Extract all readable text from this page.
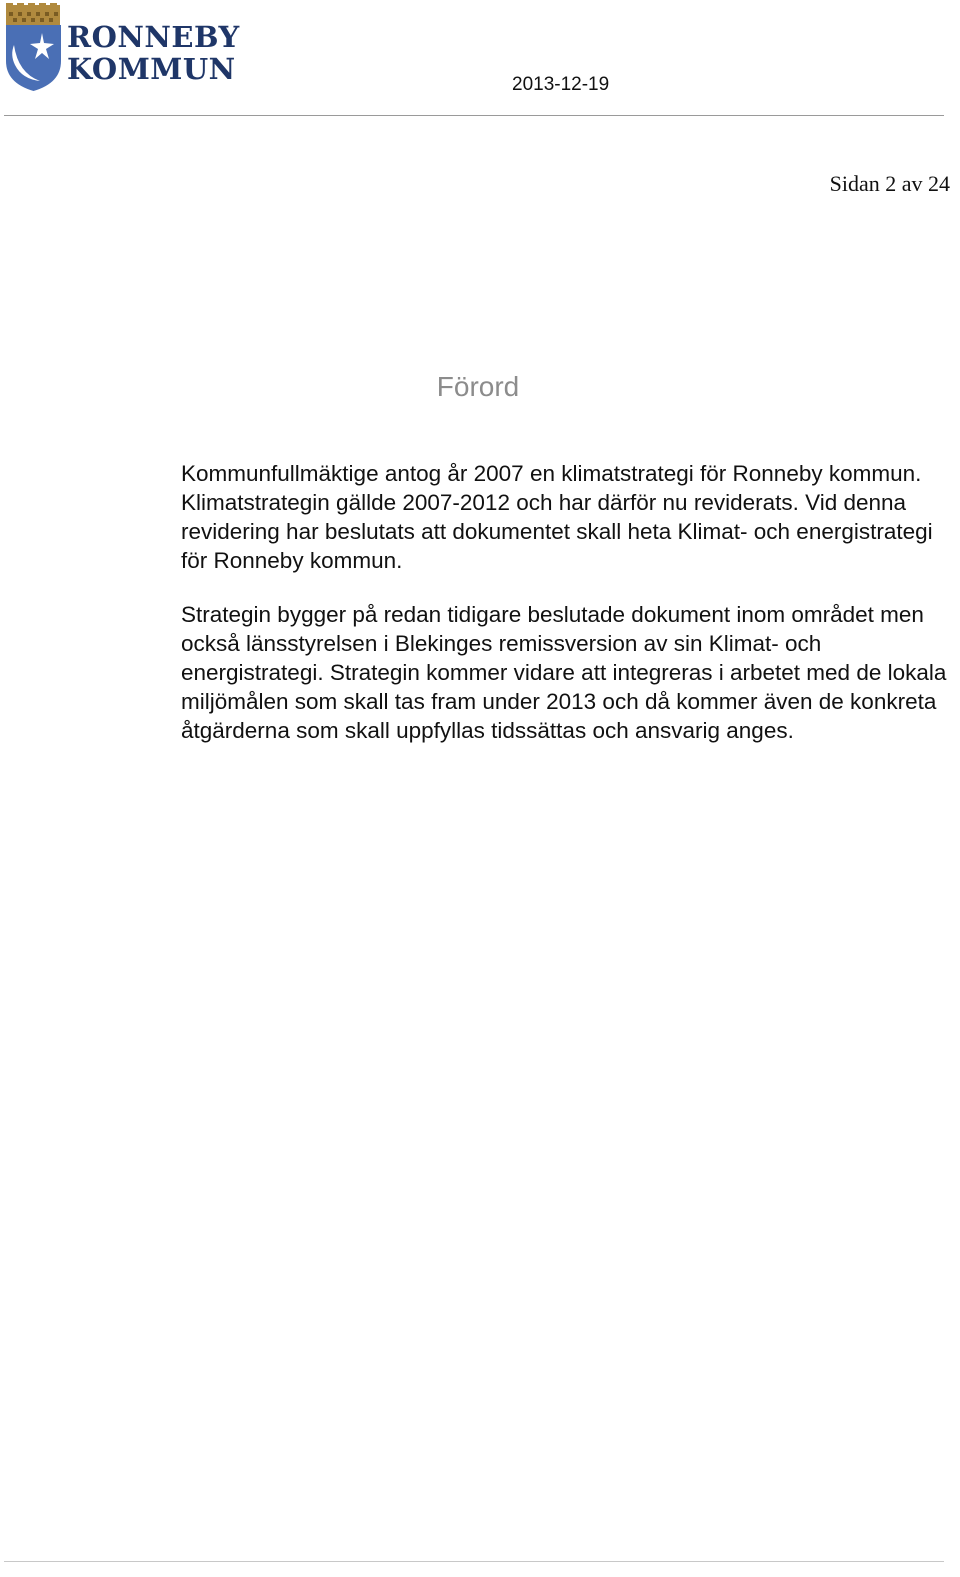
RONNEBY
KOMMUN	2013-12-19
Sidan 2 av 24
Förord

Kommunfullmäktige antog år 2007 en klimatstrategi för Ronneby kommun. Klimatstrategin gällde 2007-2012 och har därför nu reviderats. Vid denna revidering har beslutats att dokumentet skall heta Klimat- och energistrategi för Ronneby kommun.

Strategin bygger på redan tidigare beslutade dokument inom området men också länsstyrelsen i Blekinges remissversion av sin Klimat- och energistrategi. Strategin kommer vidare att integreras i arbetet med de lokala miljömålen som skall tas fram under 2013 och då kommer även de konkreta åtgärderna som skall uppfyllas tidssättas och ansvarig anges.
